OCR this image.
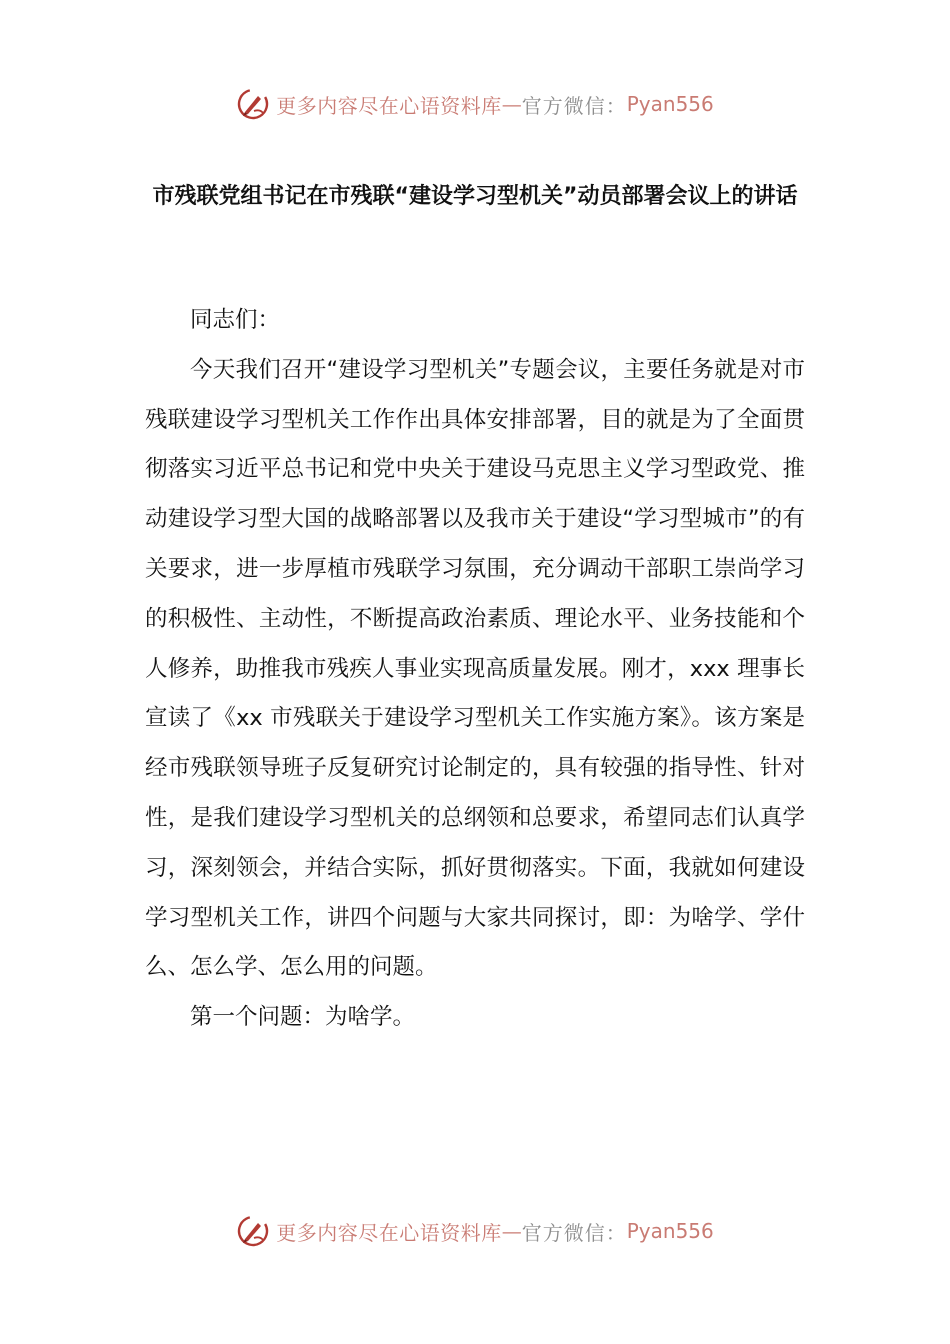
更多内容尽在心语资料库 — 官方微信： Pyan556
市残联党组书记在市残联“建设学习型机关”动员部署会议上的讲话

同志们：

今天我们召开“建设学习型机关”专题会议，主要任务就是对市残联建设学习型机关工作作出具体安排部署，目的就是为了全面贯彻落实习近平总书记和党中央关于建设马克思主义学习型政党、推动建设学习型大国的战略部署以及我市关于建设“学习型城市”的有关要求，进一步厚植市残联学习氛围，充分调动干部职工崇尚学习的积极性、主动性，不断提高政治素质、理论水平、业务技能和个人修养，助推我市残疾人事业实现高质量发展。刚才，xxx 理事长宣读了《xx 市残联关于建设学习型机关工作实施方案》。该方案是经市残联领导班子反复研究讨论制定的，具有较强的指导性、针对性，是我们建设学习型机关的总纲领和总要求，希望同志们认真学习，深刻领会，并结合实际，抓好贯彻落实。下面，我就如何建设学习型机关工作，讲四个问题与大家共同探讨，即：为啥学、学什么、怎么学、怎么用的问题。

第一个问题：为啥学。

更多内容尽在心语资料库 — 官方微信： Pyan556
